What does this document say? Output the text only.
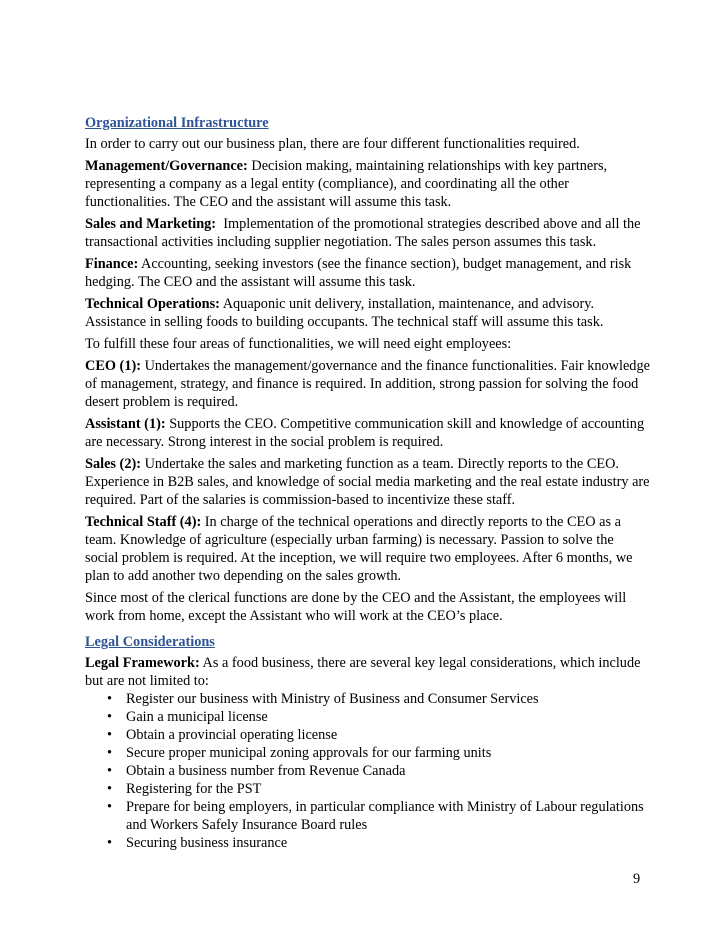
Organizational Infrastructure
In order to carry out our business plan, there are four different functionalities required.
Management/Governance: Decision making, maintaining relationships with key partners, representing a company as a legal entity (compliance), and coordinating all the other functionalities. The CEO and the assistant will assume this task.
Sales and Marketing:  Implementation of the promotional strategies described above and all the transactional activities including supplier negotiation. The sales person assumes this task.
Finance: Accounting, seeking investors (see the finance section), budget management, and risk hedging. The CEO and the assistant will assume this task.
Technical Operations: Aquaponic unit delivery, installation, maintenance, and advisory. Assistance in selling foods to building occupants. The technical staff will assume this task.
To fulfill these four areas of functionalities, we will need eight employees:
CEO (1): Undertakes the management/governance and the finance functionalities. Fair knowledge of management, strategy, and finance is required. In addition, strong passion for solving the food desert problem is required.
Assistant (1): Supports the CEO. Competitive communication skill and knowledge of accounting are necessary. Strong interest in the social problem is required.
Sales (2): Undertake the sales and marketing function as a team. Directly reports to the CEO. Experience in B2B sales, and knowledge of social media marketing and the real estate industry are required. Part of the salaries is commission-based to incentivize these staff.
Technical Staff (4): In charge of the technical operations and directly reports to the CEO as a team. Knowledge of agriculture (especially urban farming) is necessary. Passion to solve the social problem is required. At the inception, we will require two employees. After 6 months, we plan to add another two depending on the sales growth.
Since most of the clerical functions are done by the CEO and the Assistant, the employees will work from home, except the Assistant who will work at the CEO’s place.
Legal Considerations
Legal Framework: As a food business, there are several key legal considerations, which include but are not limited to:
• Register our business with Ministry of Business and Consumer Services
• Gain a municipal license
• Obtain a provincial operating license
• Secure proper municipal zoning approvals for our farming units
• Obtain a business number from Revenue Canada
• Registering for the PST
• Prepare for being employers, in particular compliance with Ministry of Labour regulations and Workers Safely Insurance Board rules
• Securing business insurance
9
